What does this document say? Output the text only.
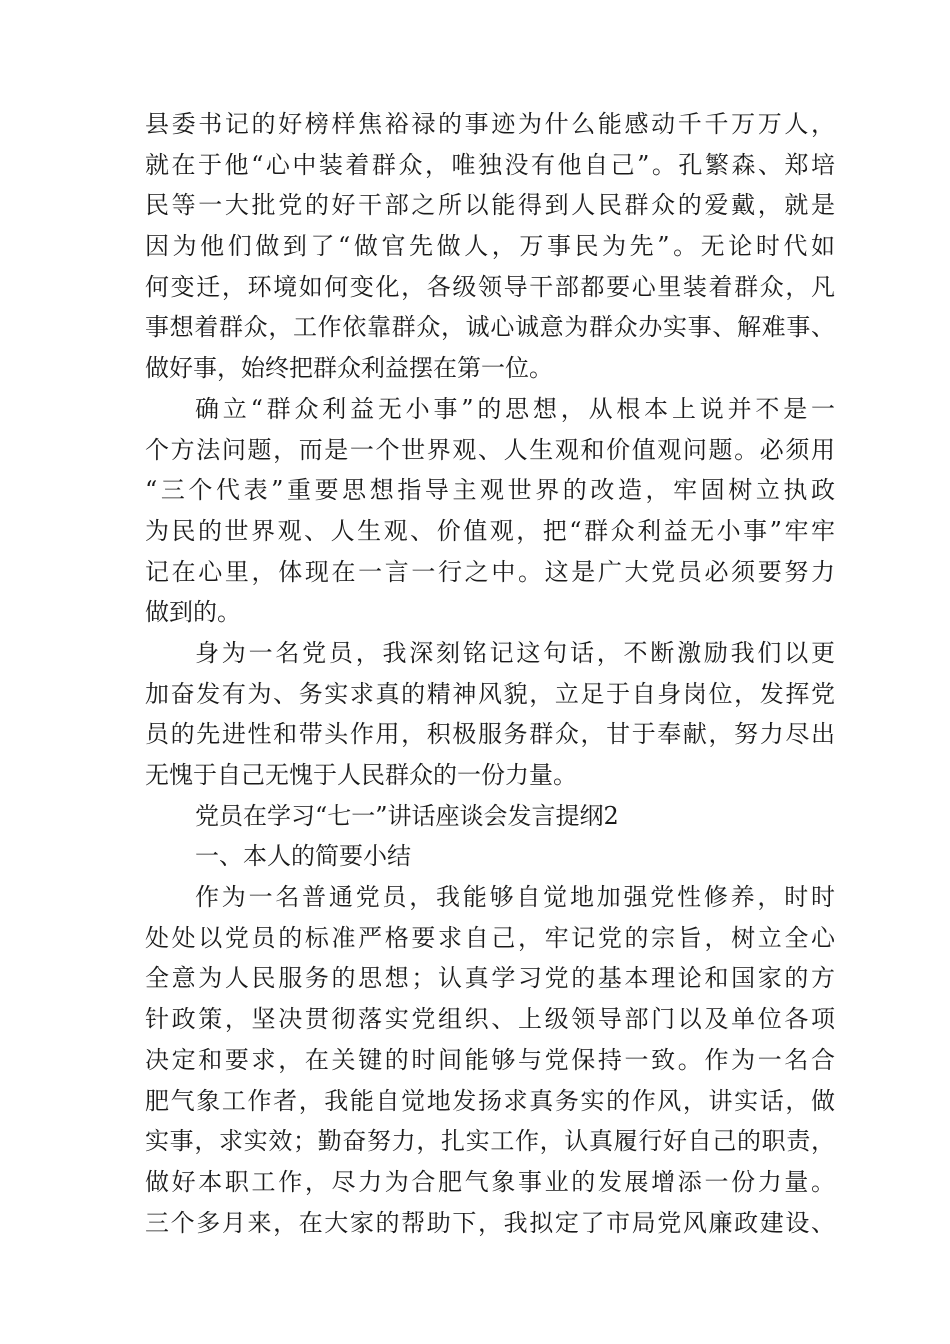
县委书记的好榜样焦裕禄的事迹为什么能感动千千万万人，
就在于他“心中装着群众，唯独没有他自己”。孔繁森、郑培
民等一大批党的好干部之所以能得到人民群众的爱戴，就是
因为他们做到了“做官先做人，万事民为先”。无论时代如
何变迁，环境如何变化，各级领导干部都要心里装着群众，凡
事想着群众，工作依靠群众，诚心诚意为群众办实事、解难事、
做好事，始终把群众利益摆在第一位。
确立“群众利益无小事”的思想，从根本上说并不是一
个方法问题，而是一个世界观、人生观和价值观问题。必须用
“三个代表”重要思想指导主观世界的改造，牢固树立执政
为民的世界观、人生观、价值观，把“群众利益无小事”牢牢
记在心里，体现在一言一行之中。这是广大党员必须要努力
做到的。
身为一名党员，我深刻铭记这句话，不断激励我们以更
加奋发有为、务实求真的精神风貌，立足于自身岗位，发挥党
员的先进性和带头作用，积极服务群众，甘于奉献，努力尽出
无愧于自己无愧于人民群众的一份力量。
党员在学习“七一”讲话座谈会发言提纲2
一、本人的简要小结
作为一名普通党员，我能够自觉地加强党性修养，时时
处处以党员的标准严格要求自己，牢记党的宗旨，树立全心
全意为人民服务的思想；认真学习党的基本理论和国家的方
针政策，坚决贯彻落实党组织、上级领导部门以及单位各项
决定和要求，在关键的时间能够与党保持一致。作为一名合
肥气象工作者，我能自觉地发扬求真务实的作风，讲实话，做
实事，求实效；勤奋努力，扎实工作，认真履行好自己的职责，
做好本职工作，尽力为合肥气象事业的发展增添一份力量。
三个多月来，在大家的帮助下，我拟定了市局党风廉政建设、
